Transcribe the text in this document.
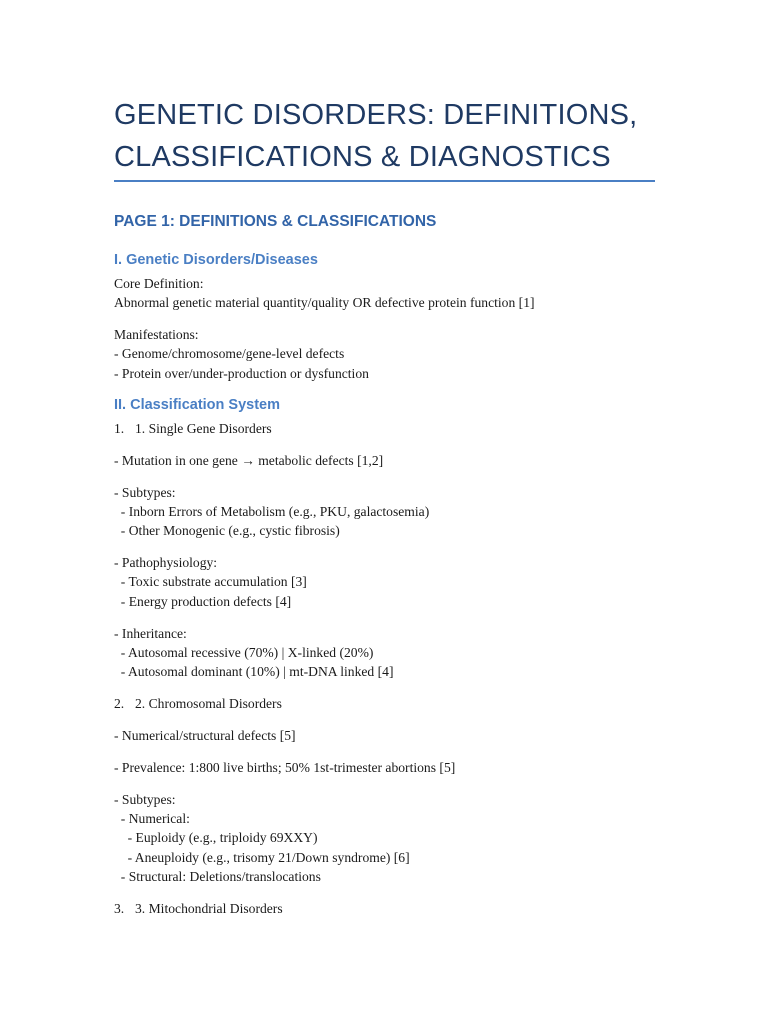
GENETIC DISORDERS: DEFINITIONS,
CLASSIFICATIONS & DIAGNOSTICS
PAGE 1: DEFINITIONS & CLASSIFICATIONS
I. Genetic Disorders/Diseases
Core Definition:
Abnormal genetic material quantity/quality OR defective protein function [1]
Manifestations:
- Genome/chromosome/gene-level defects
- Protein over/under-production or dysfunction
II. Classification System
1. 1. Single Gene Disorders
- Mutation in one gene → metabolic defects [1,2]
- Subtypes:
- Inborn Errors of Metabolism (e.g., PKU, galactosemia)
- Other Monogenic (e.g., cystic fibrosis)
- Pathophysiology:
- Toxic substrate accumulation [3]
- Energy production defects [4]
- Inheritance:
- Autosomal recessive (70%) | X-linked (20%)
- Autosomal dominant (10%) | mt-DNA linked [4]
2. 2. Chromosomal Disorders
- Numerical/structural defects [5]
- Prevalence: 1:800 live births; 50% 1st-trimester abortions [5]
- Subtypes:
- Numerical:
- Euploidy (e.g., triploidy 69XXY)
- Aneuploidy (e.g., trisomy 21/Down syndrome) [6]
- Structural: Deletions/translocations
3. 3. Mitochondrial Disorders
